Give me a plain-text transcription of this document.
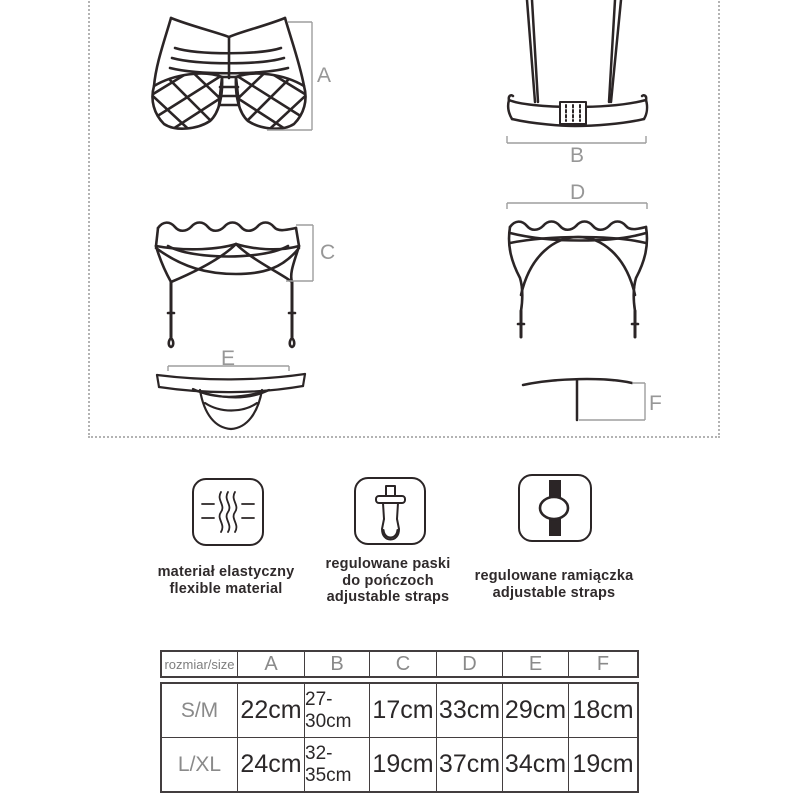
A
B
C
D
E
F
materiał elastyczny
flexible material
regulowane paski
do pończoch
adjustable straps
regulowane ramiączka
adjustable straps
rozmiar/size	A	B	C	D	E	F
S/M 22cm 27-30cm 17cm 33cm 29cm 18cm
L/XL 24cm 32-35cm 19cm 37cm 34cm 19cm
